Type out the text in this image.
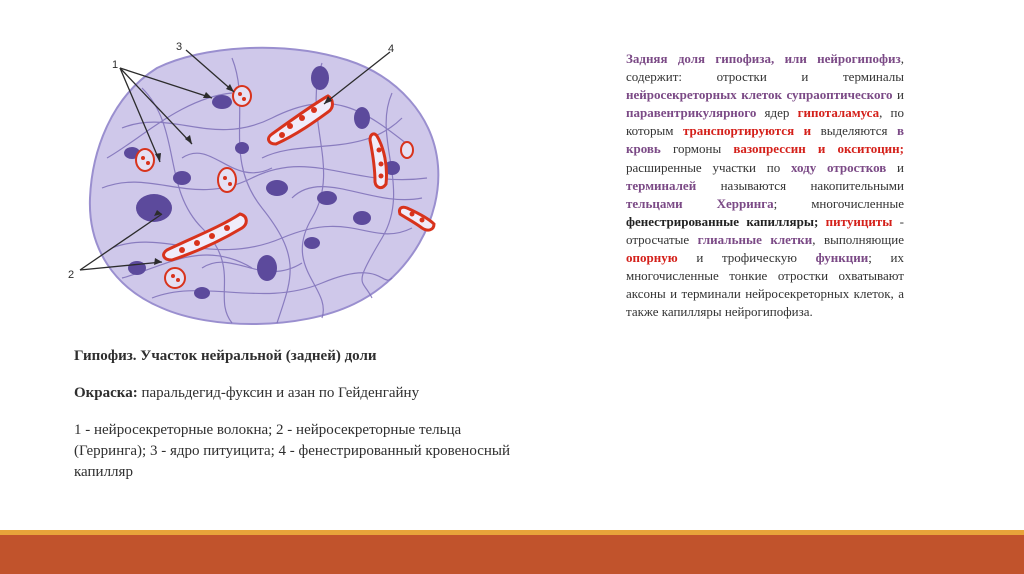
1
2
3	4

Гипофиз. Участок нейральной (задней) доли

Окраска: паральдегид-фуксин и азан по Гейденгайну

1 - нейросекреторные волокна; 2 - нейросекреторные тельца (Герринга); 3 - ядро питуицита; 4 - фенестрированный кровеносный капилляр

Задняя доля гипофиза, или нейрогипофиз, содержит: отростки и терминалы нейросекреторных клеток супраоптического и паравентрикулярного ядер гипоталамуса, по которым транспортируются и выделяются в кровь гормоны вазопрессин и окситоцин; расширенные участки по ходу отростков и терминалей называются накопительными тельцами Херринга; многочисленные фенестрированные капилляры; питуициты - отросчатые глиальные клетки, выполняющие опорную и трофическую функции; их многочисленные тонкие отростки охватывают аксоны и терминали нейросекреторных клеток, а также капилляры нейрогипофиза.
